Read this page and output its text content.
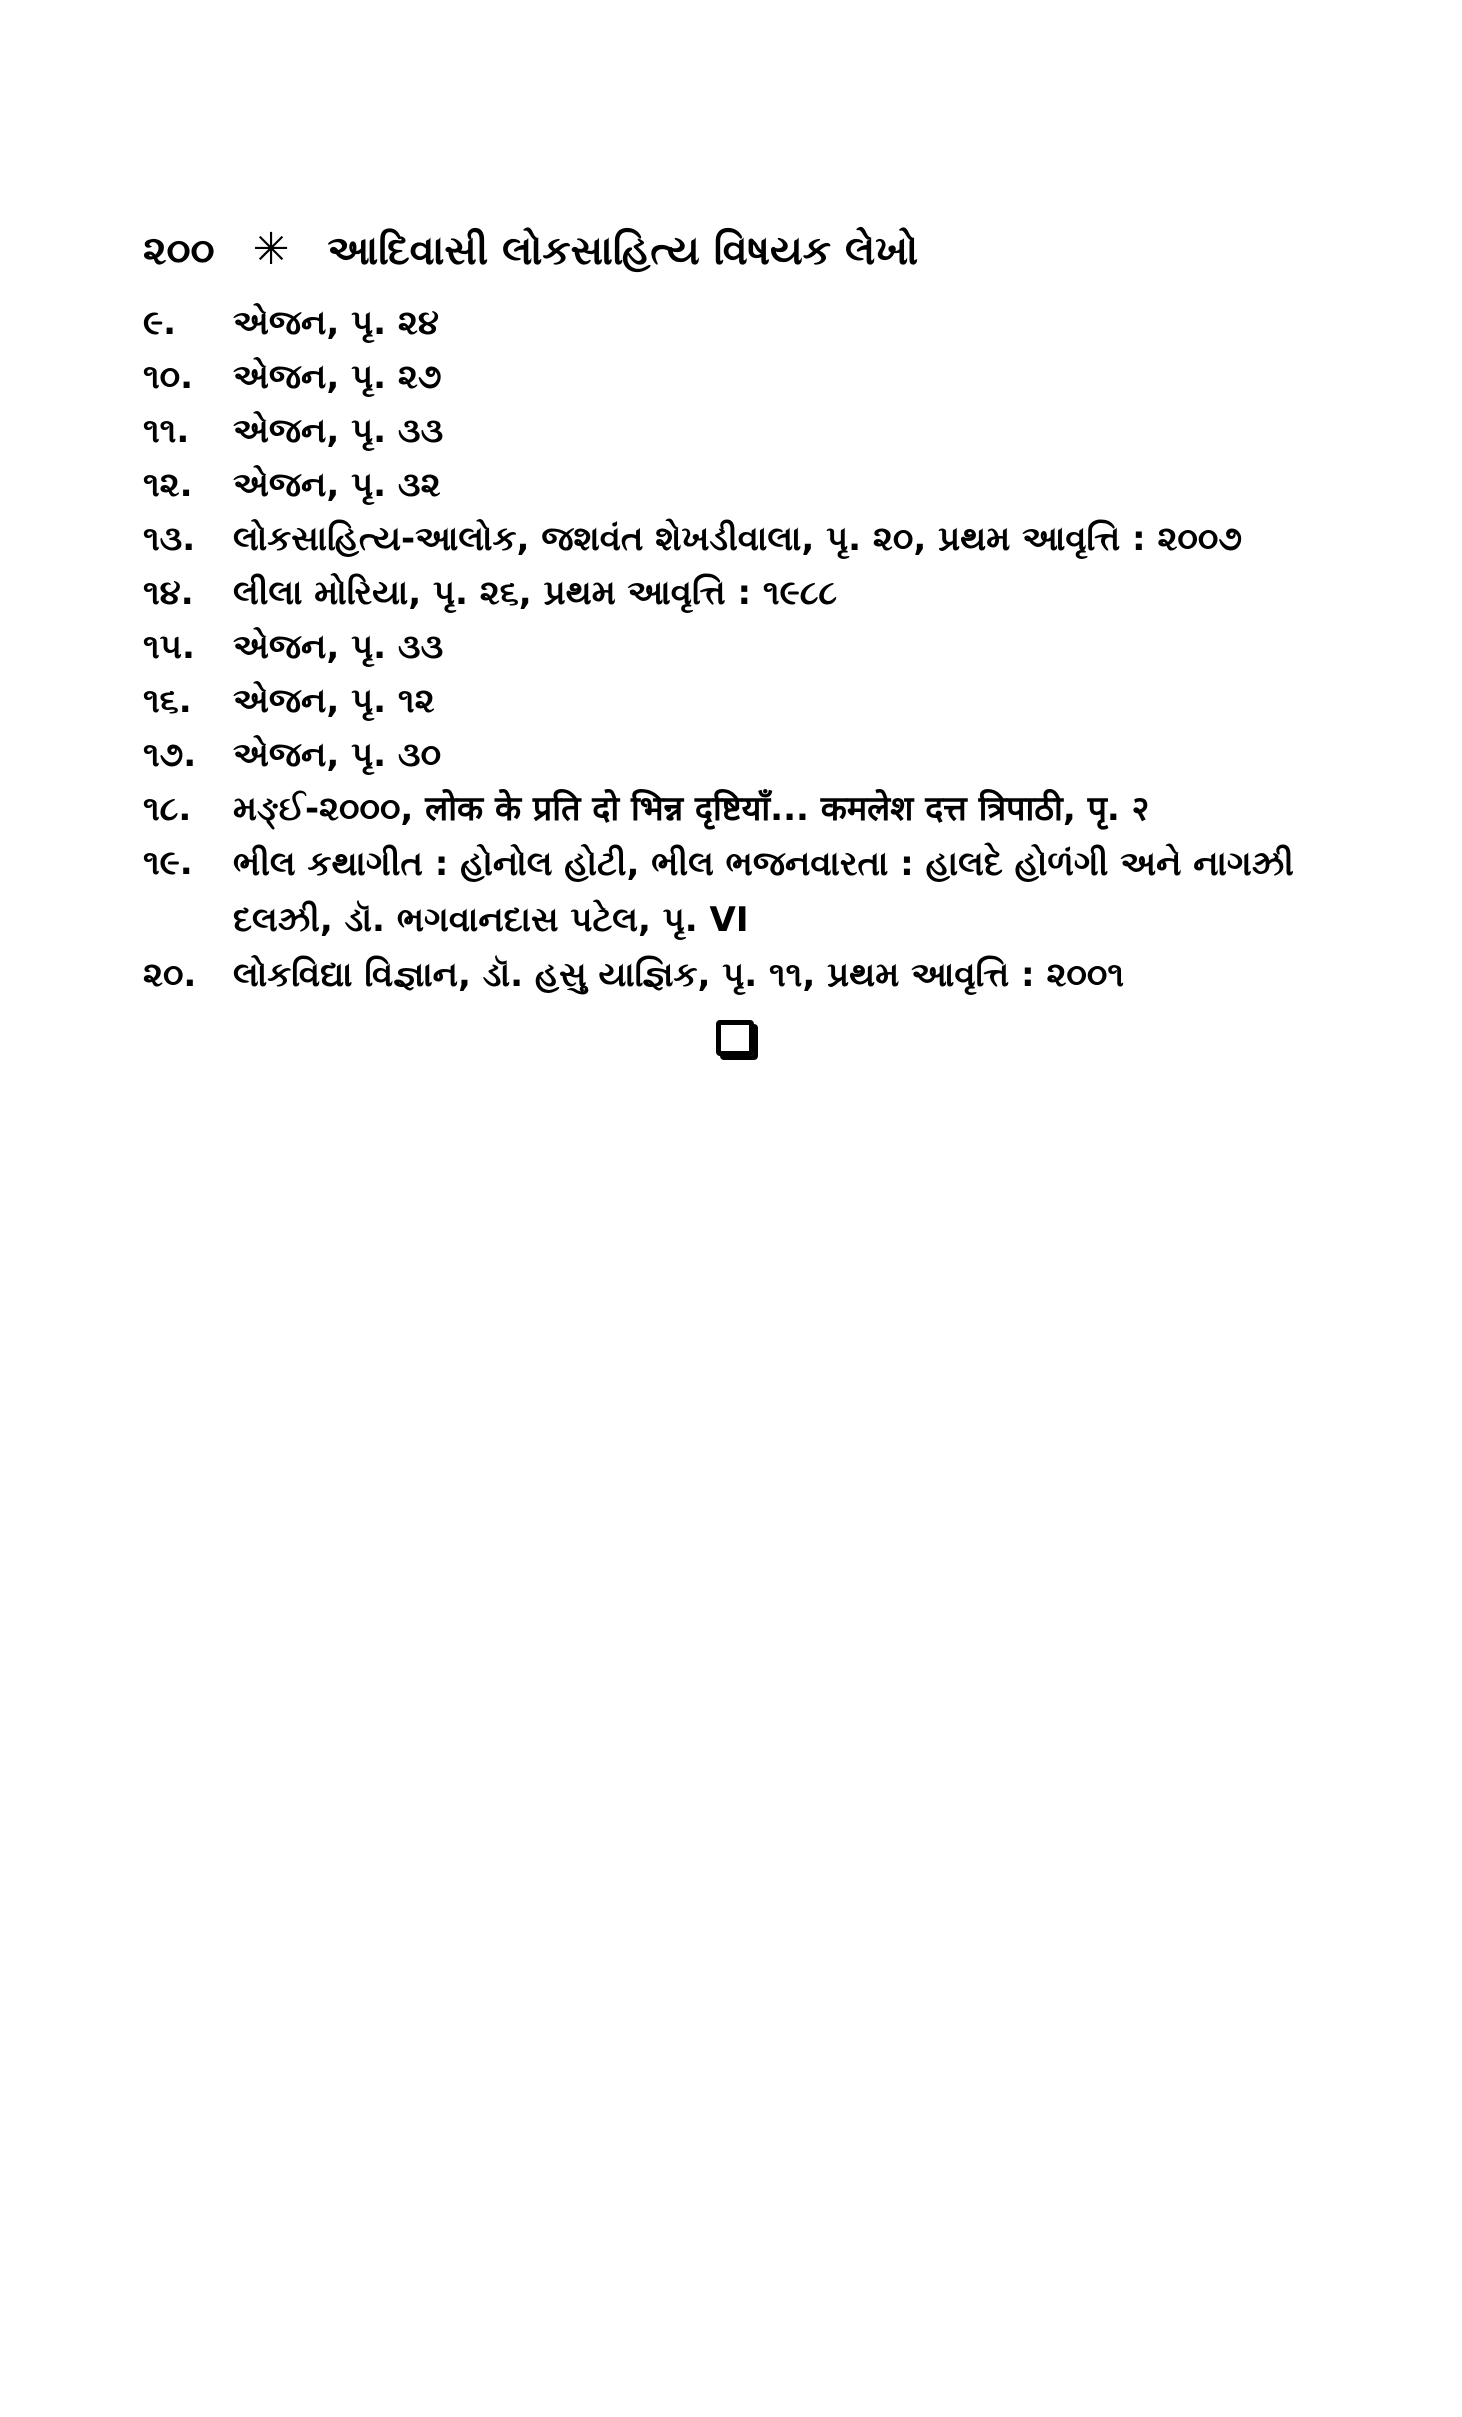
૨૦૦ ✳ આદિવાસી લોકસાહિત્ય વિષયક લેખો
૯.	એજન, પૃ. ૨૪
૧૦.	એજન, પૃ. ૨૭
૧૧.	એજન, પૃ. ૩૩
૧૨.	એજન, પૃ. ૩૨
૧૩.	લોકસાહિત્ય-આલોક, જશવંત શેખડીવાલા, પૃ. ૨૦, પ્રથમ આવૃત્તિ : ૨૦૦૭
૧૪.	લીલા મોરિયા, પૃ. ૨૬, પ્રથમ આવૃત્તિ : ૧૯૮૮
૧૫.	એજન, પૃ. ૩૩
૧૬.	એજન, પૃ. ૧૨
૧૭.	એજન, પૃ. ૩૦
૧૮.	મઙ્ઈ-૨૦૦૦, लोक के प्रति दो भिन्न दृष्टियाँ... कमलेश दत्त त्रिपाठी, पृ. २
૧૯.	ભીલ કથાગીત : હોનોલ હોટી, ભીલ ભજનવારતા : હાલદે હોળંગી અને નાગઝ્રી દલઝ્રી, ડૉ. ભગવાનદાસ પટેલ, પૃ. VI
૨૦.	લોકવિદ્યા વિજ્ઞાન, ડૉ. હસુ યાજ્ઞિક, પૃ. ૧૧, પ્રથમ આવૃત્તિ : ૨૦૦૧
